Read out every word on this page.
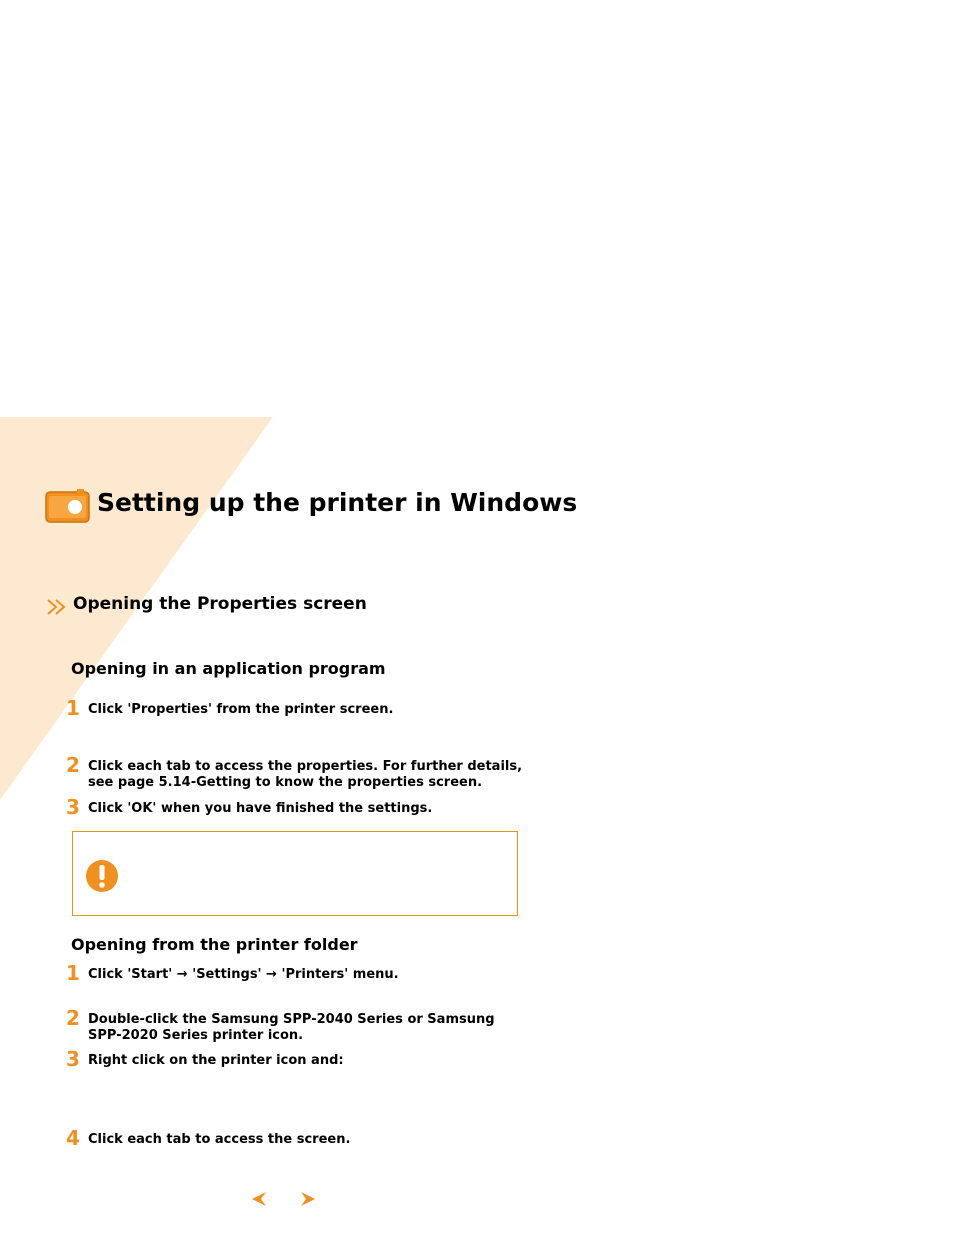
Setting up the printer in Windows
Opening the Properties screen
Opening in an application program
1 Click 'Properties' from the printer screen.
2 Click each tab to access the properties. For further details, see page 5.14-Getting to know the properties screen.
3 Click 'OK' when you have finished the settings.
Opening from the printer folder
1 Click 'Start' → 'Settings' → 'Printers' menu.
2 Double-click the Samsung SPP-2040 Series or Samsung SPP-2020 Series printer icon.
3 Right click on the printer icon and:
4 Click each tab to access the screen.
